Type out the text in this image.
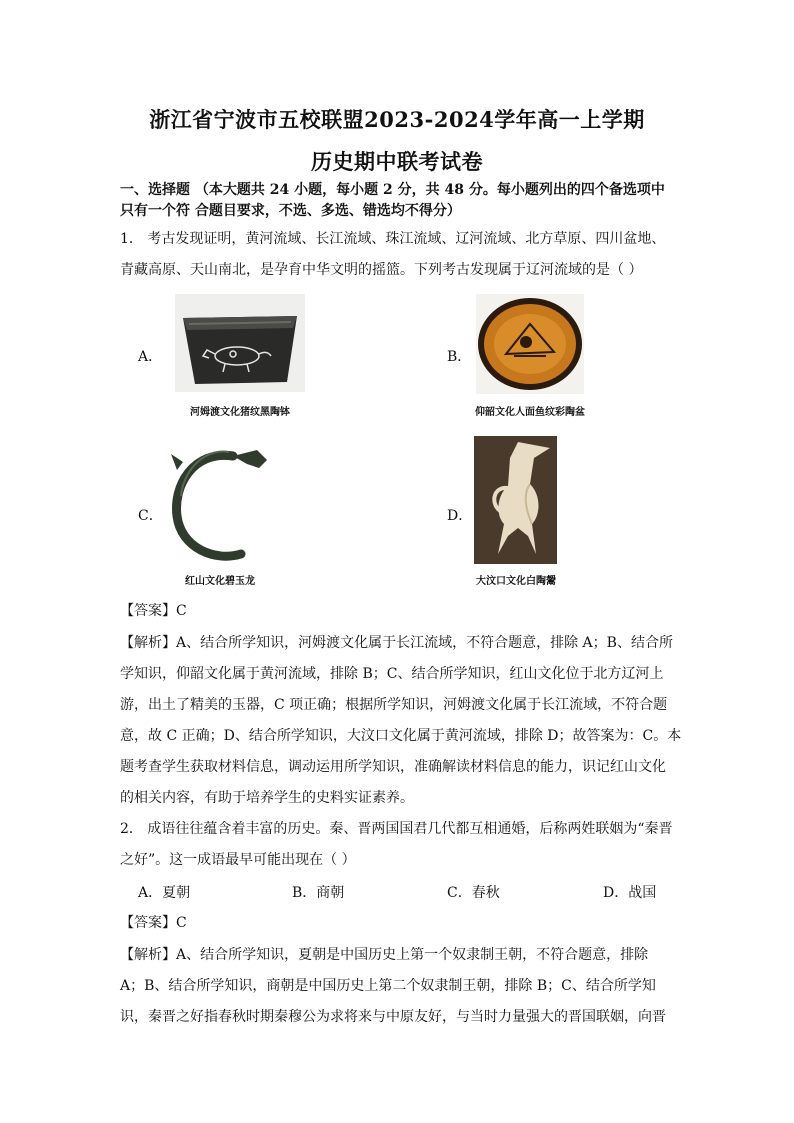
浙江省宁波市五校联盟2023-2024学年高一上学期
历史期中联考试卷
一、选择题 （本大题共 24 小题，每小题 2 分，共 48 分。每小题列出的四个备选项中
只有一个符 合题目要求，不选、多选、错选均不得分）
1． 考古发现证明，黄河流域、长江流域、珠江流域、辽河流域、北方草原、四川盆地、
青藏高原、天山南北，是孕育中华文明的摇篮。下列考古发现属于辽河流域的是（ ）
A．
河姆渡文化猪纹黑陶钵
B．
仰韶文化人面鱼纹彩陶盆
C．
红山文化碧玉龙
D．
大汶口文化白陶鬶
【答案】C
【解析】A、结合所学知识，河姆渡文化属于长江流域，不符合题意，排除 A；B、结合所
学知识，仰韶文化属于黄河流域，排除 B；C、结合所学知识，红山文化位于北方辽河上
游，出土了精美的玉器，C 项正确；根据所学知识，河姆渡文化属于长江流域，不符合题
意，故 C 正确；D、结合所学知识，大汶口文化属于黄河流域，排除 D；故答案为：C。本
题考查学生获取材料信息，调动运用所学知识，准确解读材料信息的能力，识记红山文化
的相关内容，有助于培养学生的史料实证素养。
2． 成语往往蕴含着丰富的历史。秦、晋两国国君几代都互相通婚，后称两姓联姻为“秦晋
之好”。这一成语最早可能出现在（ ）
A．夏朝	B．商朝	C．春秋	D．战国
【答案】C
【解析】A、结合所学知识，夏朝是中国历史上第一个奴隶制王朝，不符合题意，排除
A；B、结合所学知识，商朝是中国历史上第二个奴隶制王朝，排除 B；C、结合所学知
识，秦晋之好指春秋时期秦穆公为求将来与中原友好，与当时力量强大的晋国联姻，向晋
